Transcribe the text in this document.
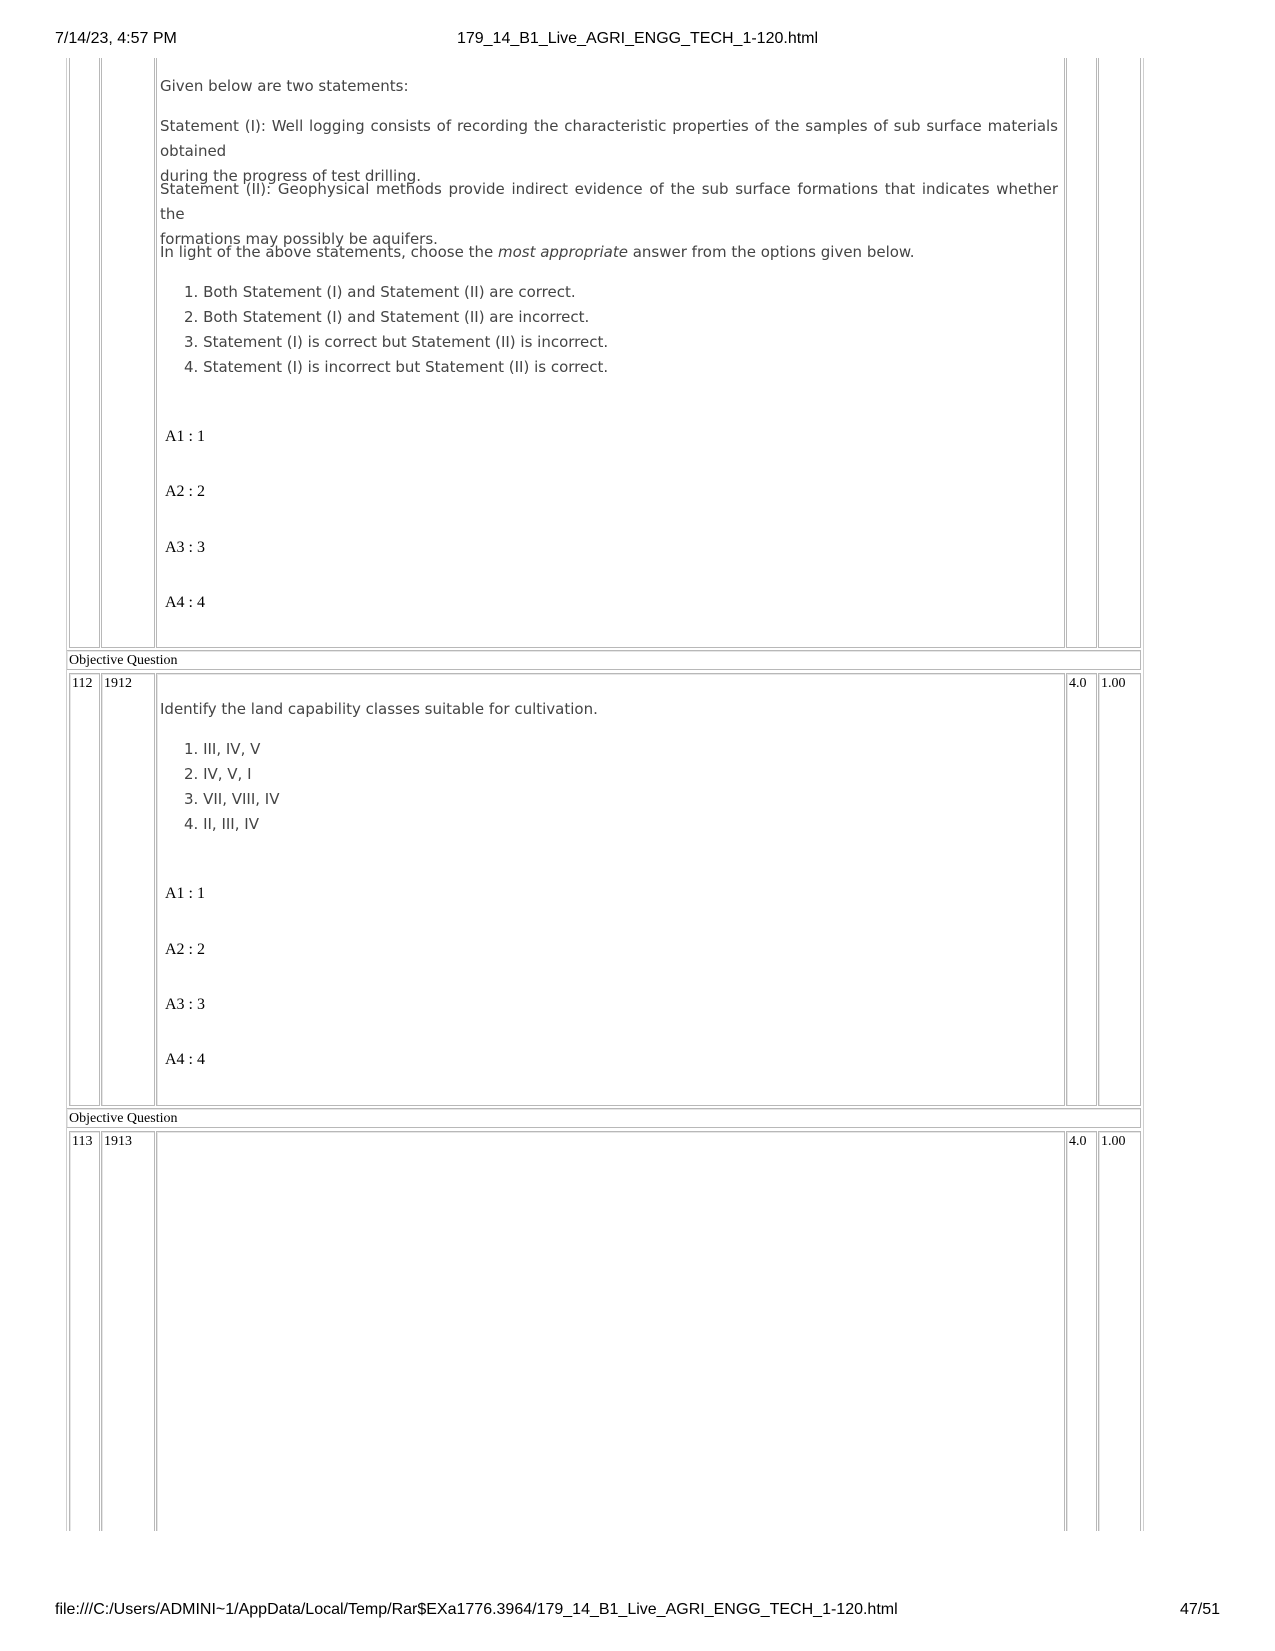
7/14/23, 4:57 PM	179_14_B1_Live_AGRI_ENGG_TECH_1-120.html
Given below are two statements:
Statement (I): Well logging consists of recording the characteristic properties of the samples of sub surface materials obtained
during the progress of test drilling.
Statement (II): Geophysical methods provide indirect evidence of the sub surface formations that indicates whether the
formations may possibly be aquifers.
In light of the above statements, choose the most appropriate answer from the options given below.
1. Both Statement (I) and Statement (II) are correct.
2. Both Statement (I) and Statement (II) are incorrect.
3. Statement (I) is correct but Statement (II) is incorrect.
4. Statement (I) is incorrect but Statement (II) is correct.
A1 : 1
A2 : 2
A3 : 3
A4 : 4
Objective Question
112 1912	4.0 1.00
Identify the land capability classes suitable for cultivation.
1. III, IV, V
2. IV, V, I
3. VII, VIII, IV
4. II, III, IV
A1 : 1
A2 : 2
A3 : 3
A4 : 4
Objective Question
113 1913	4.0 1.00
file:///C:/Users/ADMINI~1/AppData/Local/Temp/Rar$EXa1776.3964/179_14_B1_Live_AGRI_ENGG_TECH_1-120.html	47/51
